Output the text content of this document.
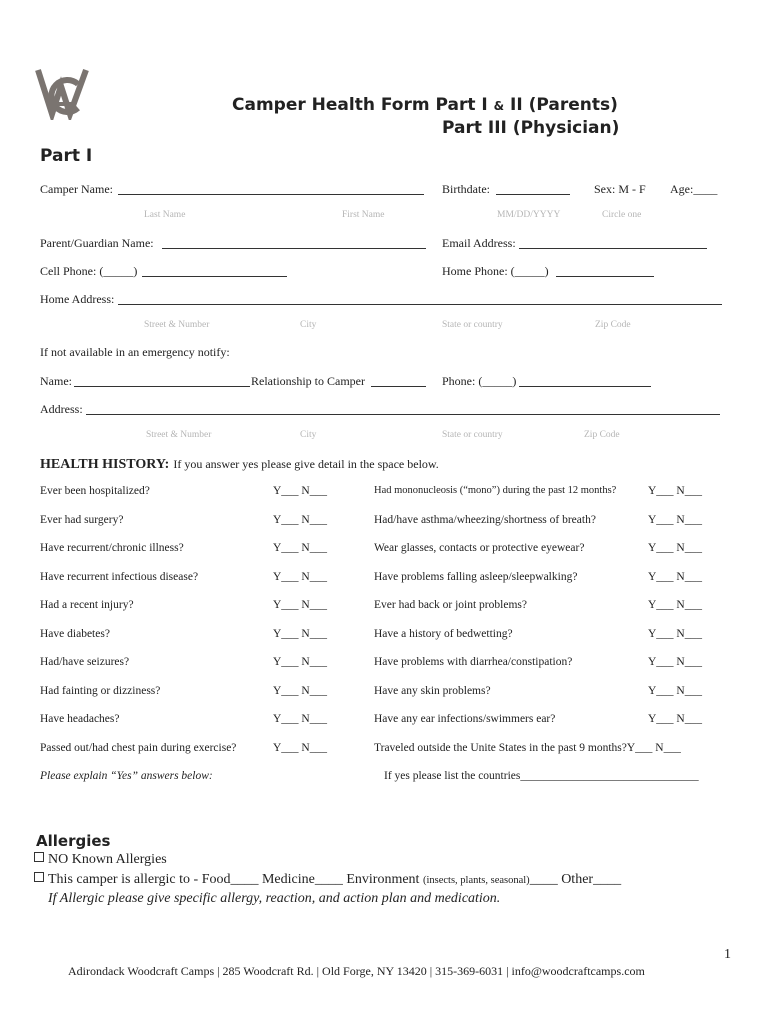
Camper Health Form Part I & II (Parents)
Part III (Physician)
Part I
Camper Name:	Birthdate:	Sex: M - F Age:____
Last Name	First Name	MM/DD/YYYY	Circle one
Parent/Guardian Name:	Email Address:
Cell Phone: (_____)	Home Phone: (_____)
Home Address:
Street & Number	City	State or country	Zip Code
If not available in an emergency notify:
Name:	Relationship to Camper	Phone: (_____)
Address:
Street & Number	City	State or country	Zip Code
HEALTH HISTORY: If you answer yes please give detail in the space below.
Ever been hospitalized?	Y___ N___	Had mononucleosis (“mono”) during the past 12 months?	Y___ N___
Ever had surgery?	Y___ N___	Had/have asthma/wheezing/shortness of breath?	Y___ N___
Have recurrent/chronic illness?	Y___ N___	Wear glasses, contacts or protective eyewear?	Y___ N___
Have recurrent infectious disease?	Y___ N___	Have problems falling asleep/sleepwalking?	Y___ N___
Had a recent injury?	Y___ N___	Ever had back or joint problems?	Y___ N___
Have diabetes?	Y___ N___	Have a history of bedwetting?	Y___ N___
Had/have seizures?	Y___ N___	Have problems with diarrhea/constipation?	Y___ N___
Had fainting or dizziness?	Y___ N___	Have any skin problems?	Y___ N___
Have headaches?	Y___ N___	Have any ear infections/swimmers ear?	Y___ N___
Passed out/had chest pain during exercise?	Y___ N___	Traveled outside the Unite States in the past 9 months?Y___ N___
Please explain “Yes” answers below:	If yes please list the countries_______________________________
Allergies
NO Known Allergies
This camper is allergic to - Food____ Medicine____ Environment (insects, plants, seasonal)____ Other____
If Allergic please give specific allergy, reaction, and action plan and medication.
1
Adirondack Woodcraft Camps | 285 Woodcraft Rd. | Old Forge, NY 13420 | 315-369-6031 | info@woodcraftcamps.com
